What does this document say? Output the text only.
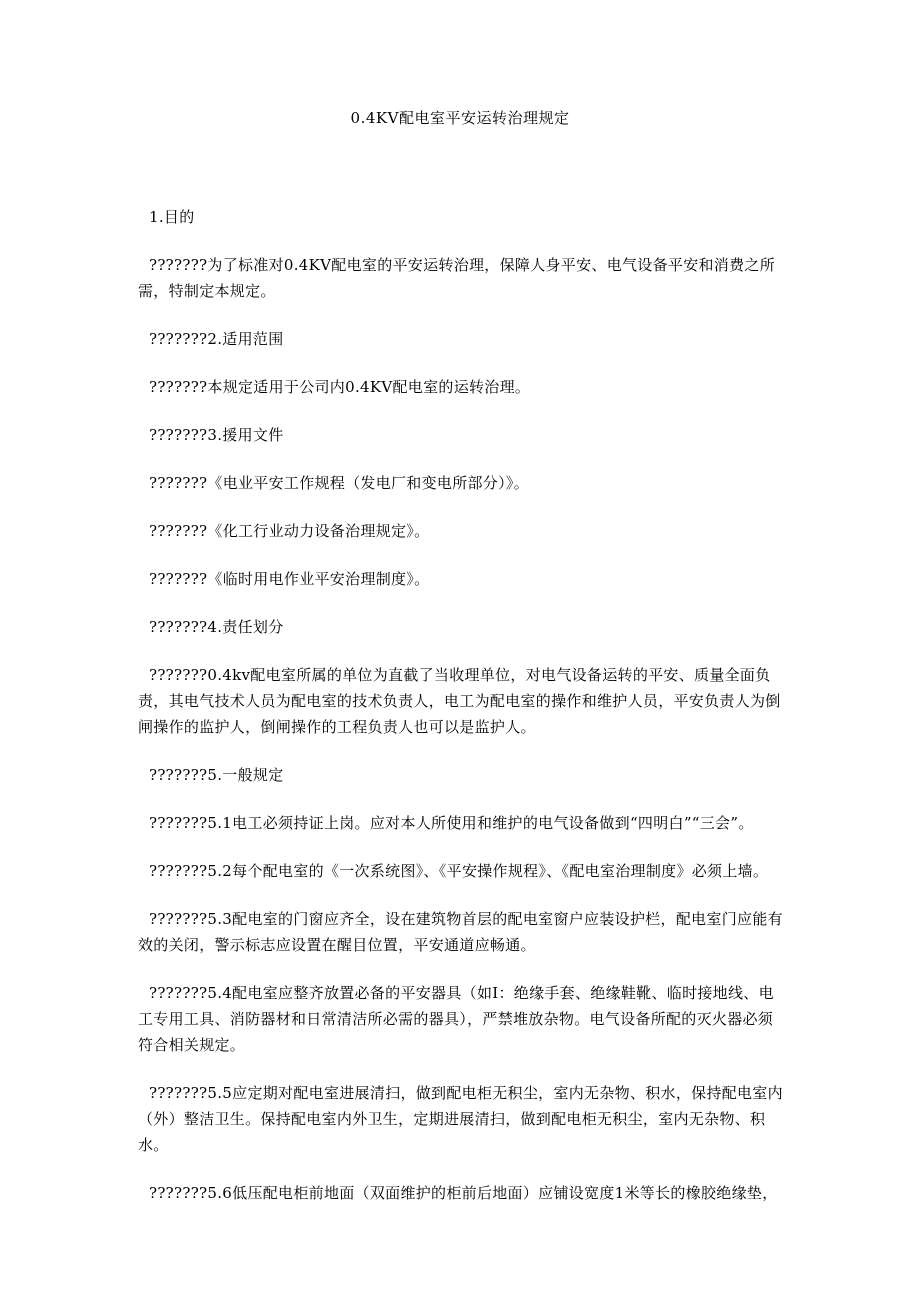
0.4KV配电室平安运转治理规定

1.目的

???????为了标准对0.4KV配电室的平安运转治理，保障人身平安、电气设备平安和消费之所需，特制定本规定。

???????2.适用范围

???????本规定适用于公司内0.4KV配电室的运转治理。

???????3.援用文件

???????《电业平安工作规程（发电厂和变电所部分）》。

???????《化工行业动力设备治理规定》。

???????《临时用电作业平安治理制度》。

???????4.责任划分

???????0.4kv配电室所属的单位为直截了当收理单位，对电气设备运转的平安、质量全面负责，其电气技术人员为配电室的技术负责人，电工为配电室的操作和维护人员，平安负责人为倒闸操作的监护人，倒闸操作的工程负责人也可以是监护人。

???????5.一般规定

???????5.1电工必须持证上岗。应对本人所使用和维护的电气设备做到“四明白”“三会”。

???????5.2每个配电室的《一次系统图》、《平安操作规程》、《配电室治理制度》必须上墙。

???????5.3配电室的门窗应齐全，设在建筑物首层的配电室窗户应装设护栏，配电室门应能有效的关闭，警示标志应设置在醒目位置，平安通道应畅通。

???????5.4配电室应整齐放置必备的平安器具（如Ⅰ：绝缘手套、绝缘鞋靴、临时接地线、电工专用工具、消防器材和日常清洁所必需的器具），严禁堆放杂物。电气设备所配的灭火器必须符合相关规定。

???????5.5应定期对配电室进展清扫，做到配电柜无积尘，室内无杂物、积水，保持配电室内（外）整洁卫生。保持配电室内外卫生，定期进展清扫，做到配电柜无积尘，室内无杂物、积水。

???????5.6低压配电柜前地面（双面维护的柜前后地面）应铺设宽度1米等长的橡胶绝缘垫，
